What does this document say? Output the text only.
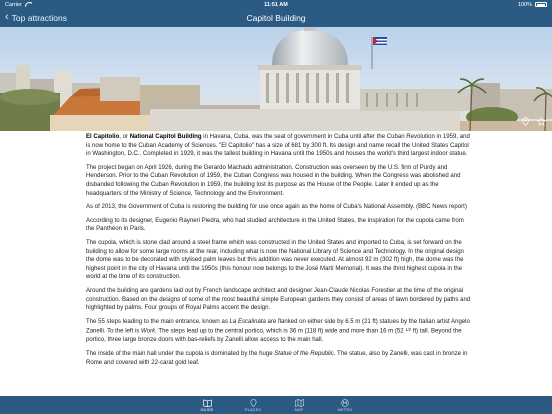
Carrier	11:51 AM	100%
‹ Top attractions	Capitol Building

El Capitolio, or National Capitol Building in Havana, Cuba, was the seat of government in Cuba until after the Cuban Revolution in 1959, and is now home to the Cuban Academy of Sciences. "El Capitolio" has a size of 681 by 300 ft. Its design and name recall the United States Capitol in Washington, D.C.. Completed in 1929, it was the tallest building in Havana until the 1950s and houses the world's third largest indoor statue.

The project began on April 1926, during the Gerardo Machado administration. Construction was overseen by the U.S. firm of Purdy and Henderson. Prior to the Cuban Revolution of 1959, the Cuban Congress was housed in the building. When the Congress was abolished and disbanded following the Cuban Revolution in 1959, the building lost its purpose as the House of the People. Later it ended up as the headquarters of the Ministry of Science, Technology and the Environment.

As of 2013, the Government of Cuba is restoring the building for use once again as the home of Cuba's National Assembly. (BBC News report)

According to its designer, Eugenio Rayneri Piedra, who had studied architecture in the United States, the inspiration for the cupola came from the Panthéon in Paris.

The cupola, which is stone clad around a steel frame which was constructed in the United States and imported to Cuba, is set forward on the building to allow for some large rooms at the rear, including what is now the National Library of Science and Technology. In the original design the dome was to be decorated with stylised palm leaves but this addition was never executed. At almost 92 m (302 ft) high, the dome was the highest point in the city of Havana until the 1950s (this honour now belongs to the José Martí Memorial). It was the third highest cupola in the world at the time of its construction.

Around the building are gardens laid out by French landscape architect and designer Jean-Claude Nicolas Forestier at the time of the original construction. Based on the designs of some of the most beautiful simple European gardens they consist of areas of lawn bordered by paths and highlighted by palms. Four groups of Royal Palms accent the design.

The 55 steps leading to the main entrance, known as La Escalinata are flanked on either side by 6.5 m (21 ft) statues by the Italian artist Angelo Zanelli. To the left is Work. The steps lead up to the central portico, which is 36 m (118 ft) wide and more than 16 m (52 $^{1/2}$ ft) tall. Beyond the portico, three large bronze doors with bas-reliefs by Zanelli allow access to the main hall.

The inside of the main hall under the cupola is dominated by the huge Statue of the Republic. The statue, also by Zanelli, was cast in bronze in Rome and covered with 22-carat gold leaf.

GUIDE	PLACES	MAP	METRO
